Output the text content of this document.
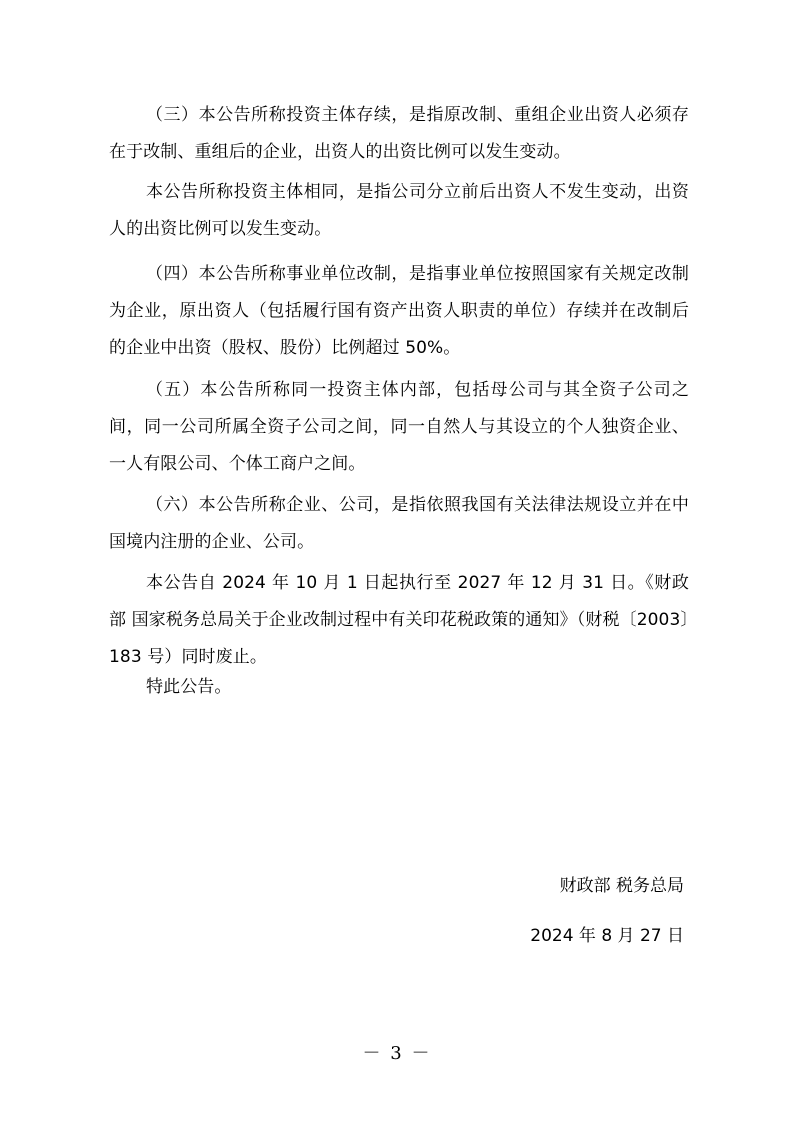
（三）本公告所称投资主体存续，是指原改制、重组企业出资人必须存在于改制、重组后的企业，出资人的出资比例可以发生变动。

本公告所称投资主体相同，是指公司分立前后出资人不发生变动，出资人的出资比例可以发生变动。

（四）本公告所称事业单位改制，是指事业单位按照国家有关规定改制为企业，原出资人（包括履行国有资产出资人职责的单位）存续并在改制后的企业中出资（股权、股份）比例超过 50%。

（五）本公告所称同一投资主体内部，包括母公司与其全资子公司之间，同一公司所属全资子公司之间，同一自然人与其设立的个人独资企业、一人有限公司、个体工商户之间。

（六）本公告所称企业、公司，是指依照我国有关法律法规设立并在中国境内注册的企业、公司。

本公告自 2024 年 10 月 1 日起执行至 2027 年 12 月 31 日。《财政部 国家税务总局关于企业改制过程中有关印花税政策的通知》（财税〔2003〕183 号）同时废止。

特此公告。

财政部 税务总局
2024 年 8 月 27 日
－ 3 －
